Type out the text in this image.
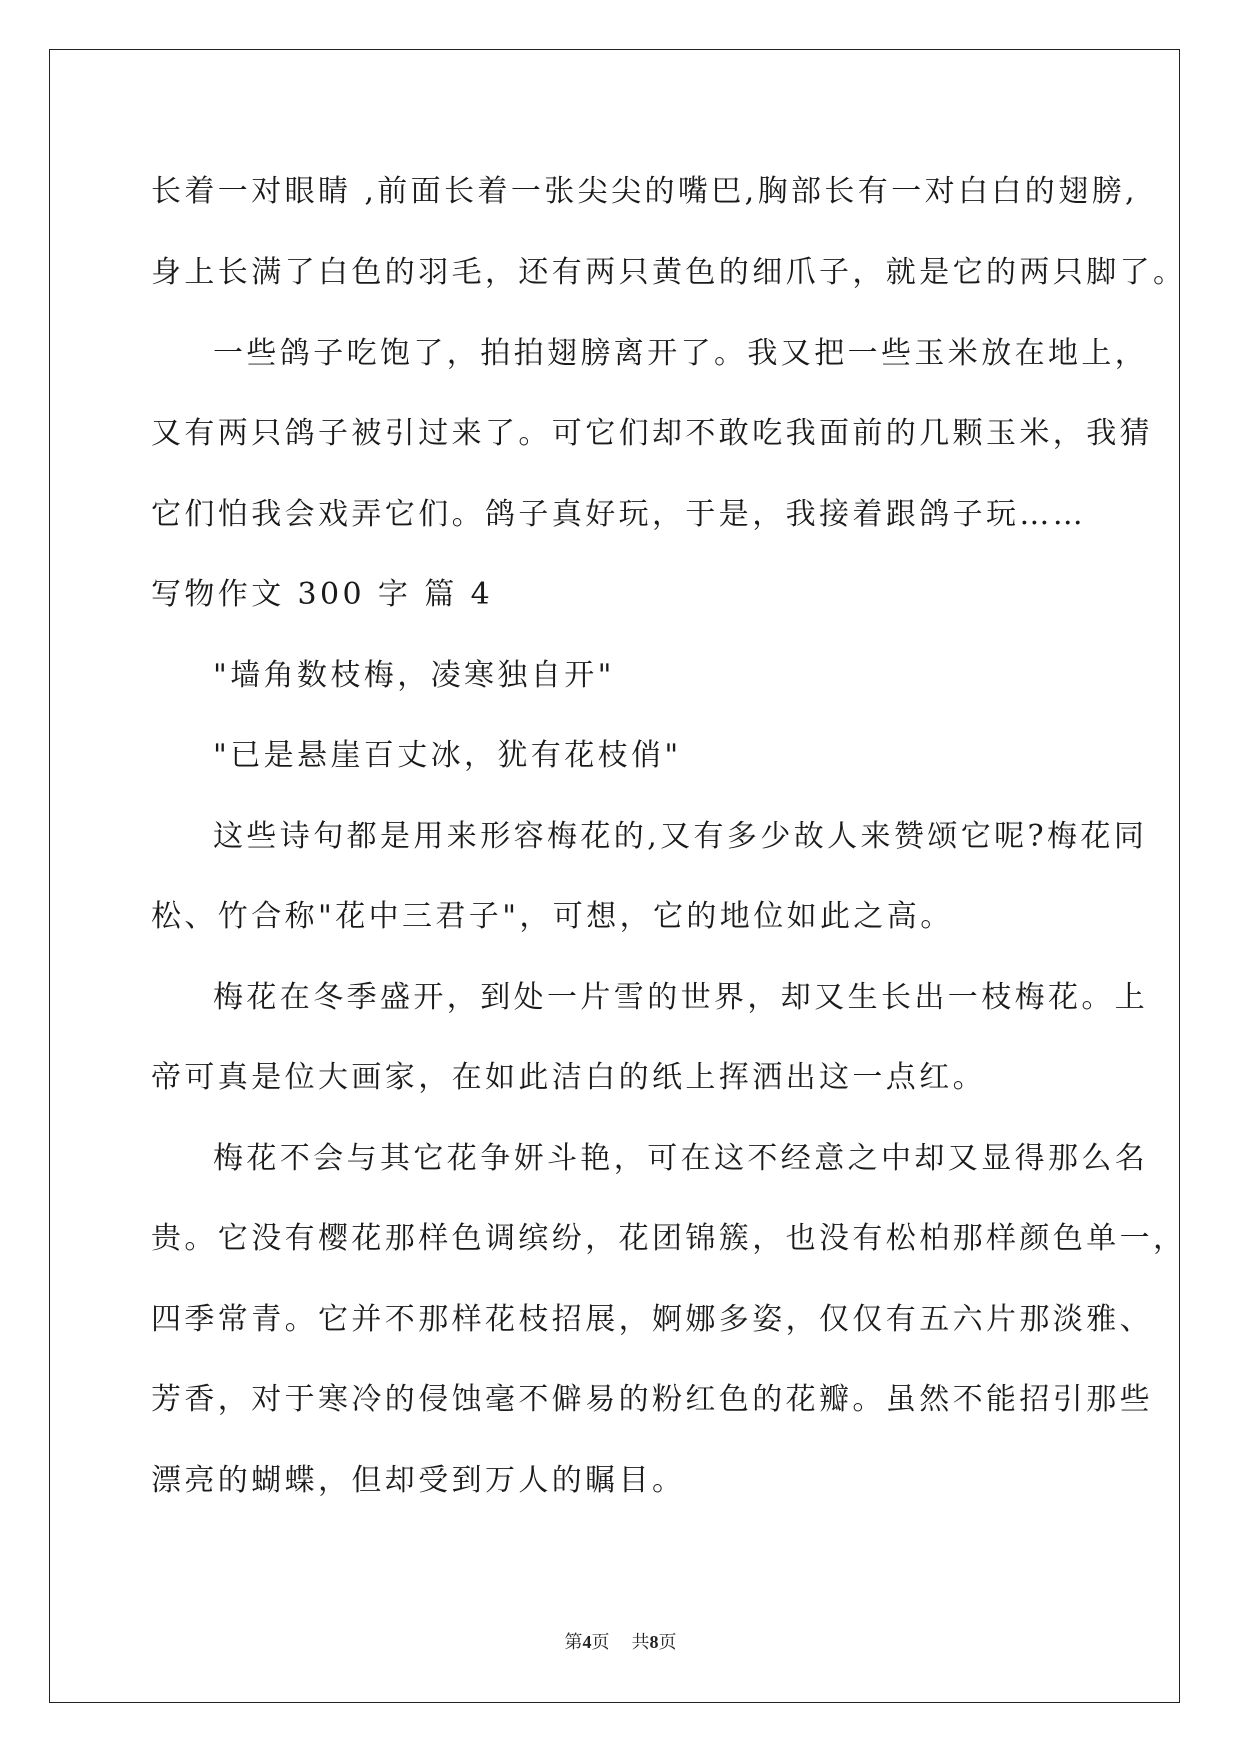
长着一对眼睛 ,前面长着一张尖尖的嘴巴,胸部长有一对白白的翅膀,
身上长满了白色的羽毛，还有两只黄色的细爪子，就是它的两只脚了。
一些鸽子吃饱了，拍拍翅膀离开了。我又把一些玉米放在地上，
又有两只鸽子被引过来了。可它们却不敢吃我面前的几颗玉米，我猜
它们怕我会戏弄它们。鸽子真好玩，于是，我接着跟鸽子玩……
写物作文 300 字 篇 4
"墙角数枝梅，凌寒独自开"
"已是悬崖百丈冰，犹有花枝俏"
这些诗句都是用来形容梅花的,又有多少故人来赞颂它呢?梅花同
松、竹合称"花中三君子"，可想，它的地位如此之高。
梅花在冬季盛开，到处一片雪的世界，却又生长出一枝梅花。上
帝可真是位大画家，在如此洁白的纸上挥洒出这一点红。
梅花不会与其它花争妍斗艳，可在这不经意之中却又显得那么名
贵。它没有樱花那样色调缤纷，花团锦簇，也没有松柏那样颜色单一，
四季常青。它并不那样花枝招展，婀娜多姿，仅仅有五六片那淡雅、
芳香，对于寒冷的侵蚀毫不僻易的粉红色的花瓣。虽然不能招引那些
漂亮的蝴蝶，但却受到万人的瞩目。
第4页 共8页
